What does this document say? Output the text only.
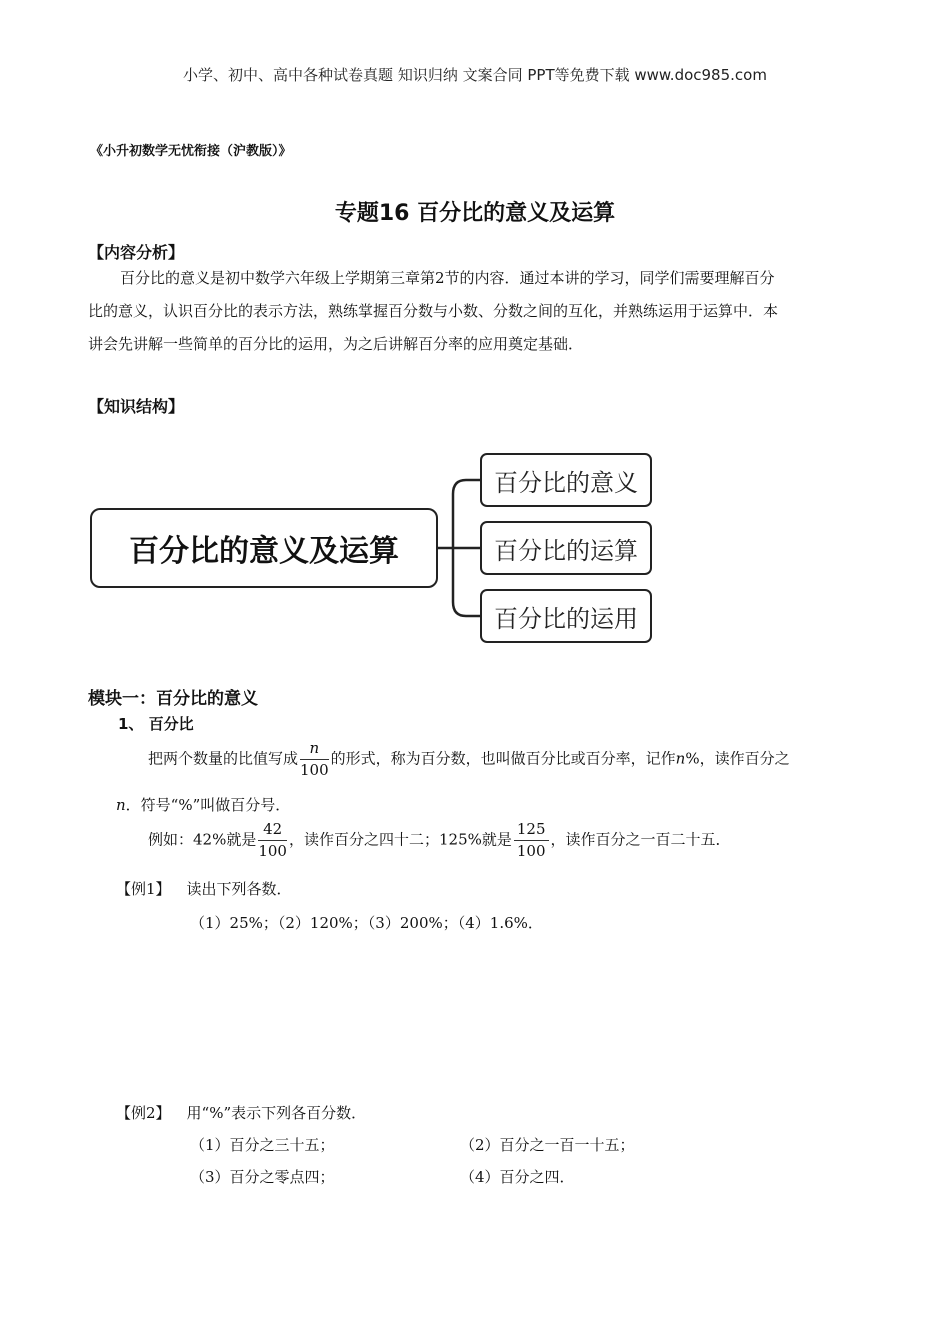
小学、初中、高中各种试卷真题 知识归纳 文案合同 PPT等免费下载 www.doc985.com
《小升初数学无忧衔接（沪教版）》
专题16 百分比的意义及运算
【内容分析】
百分比的意义是初中数学六年级上学期第三章第2节的内容．通过本讲的学习，同学们需要理解百分
比的意义，认识百分比的表示方法，熟练掌握百分数与小数、分数之间的互化，并熟练运用于运算中．本
讲会先讲解一些简单的百分比的运用，为之后讲解百分率的应用奠定基础．
【知识结构】
百分比的意义及运算
百分比的意义
百分比的运算
百分比的运用
模块一：百分比的意义
1、 百分比
把两个数量的比值写成 $\frac{n}{100}$ 的形式，称为百分数，也叫做百分比或百分率，记作n%，读作百分之
n．符号“%”叫做百分号．
例如：42%就是 $\frac{42}{100}$ ，读作百分之四十二；125%就是 $\frac{125}{100}$ ，读作百分之一百二十五．
【例1】 读出下列各数．
（1）25%；（2）120%；（3）200%；（4）1.6%．
【例2】 用“%”表示下列各百分数．
（1）百分之三十五；	（2）百分之一百一十五；
（3）百分之零点四；	（4）百分之四．
